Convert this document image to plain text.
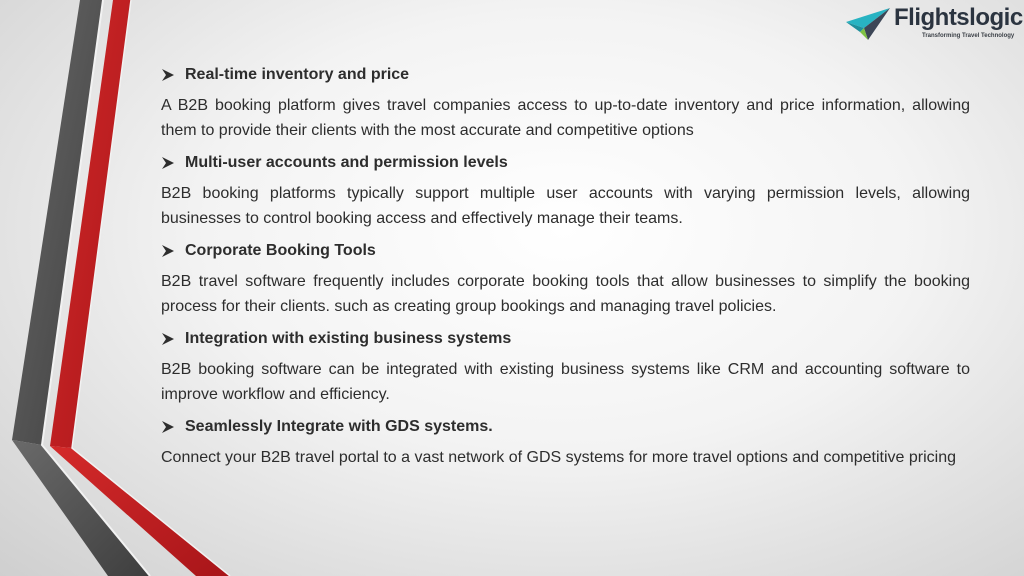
Flightslogic
Transforming Travel Technology
Real-time inventory and price

A B2B booking platform gives travel companies access to up-to-date inventory and price information, allowing them to provide their clients with the most accurate and competitive options

Multi-user accounts and permission levels

B2B booking platforms typically support multiple user accounts with varying permission levels, allowing businesses to control booking access and effectively manage their teams.

Corporate Booking Tools

B2B travel software frequently includes corporate booking tools that allow businesses to simplify the booking process for their clients. such as creating group bookings and managing travel policies.

Integration with existing business systems

B2B booking software can be integrated with existing business systems like CRM and accounting software to improve workflow and efficiency.

Seamlessly Integrate with GDS systems.

Connect your B2B travel portal to a vast network of GDS systems for more travel options and competitive pricing
